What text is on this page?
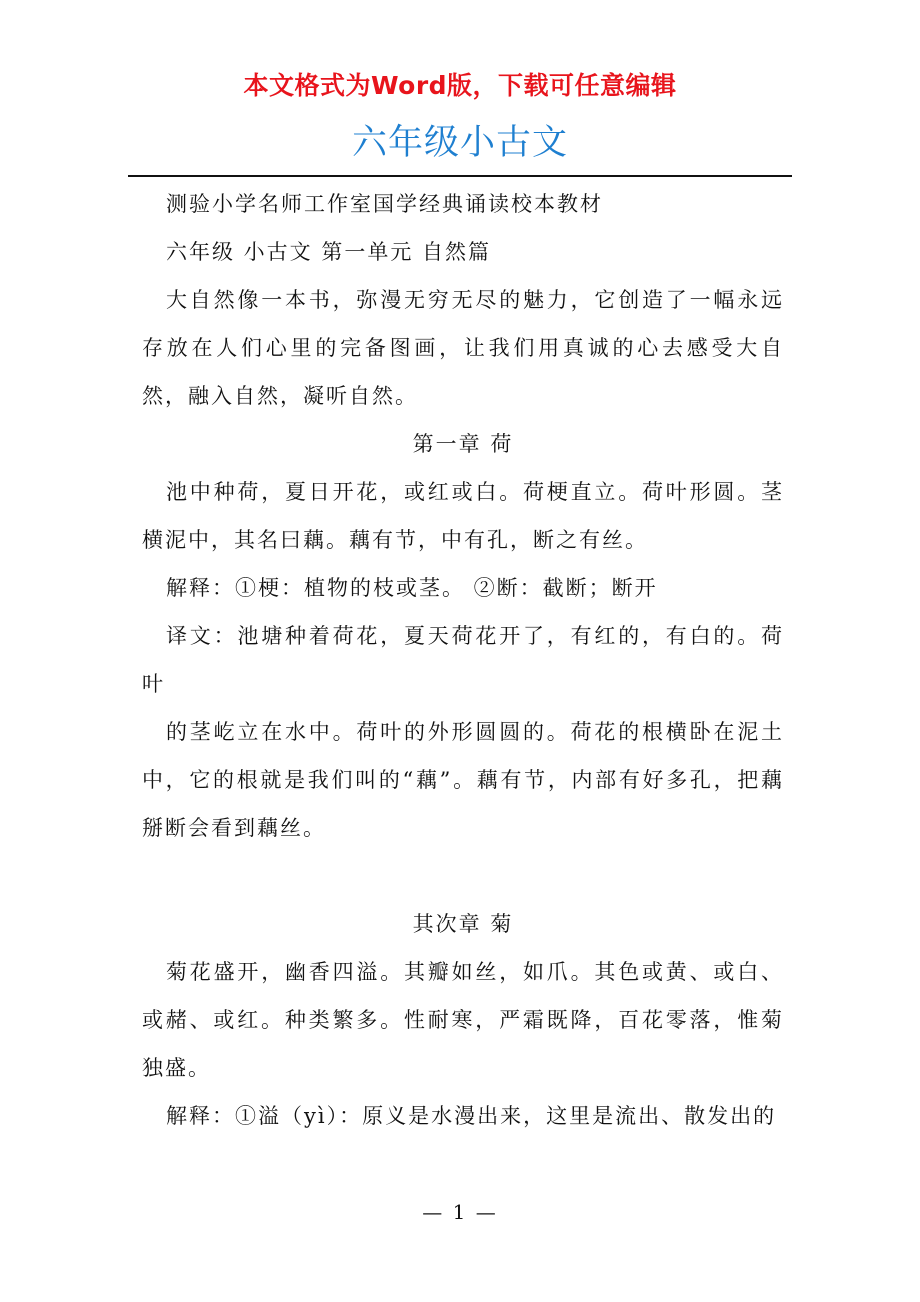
本文格式为Word版，下载可任意编辑
六年级小古文

测验小学名师工作室国学经典诵读校本教材

六年级 小古文 第一单元 自然篇

大自然像一本书，弥漫无穷无尽的魅力，它创造了一幅永远存放在人们心里的完备图画，让我们用真诚的心去感受大自然，融入自然，凝听自然。

第一章 荷

池中种荷，夏日开花，或红或白。荷梗直立。荷叶形圆。茎横泥中，其名曰藕。藕有节，中有孔，断之有丝。

解释：①梗：植物的枝或茎。 ②断：截断；断开

译文：池塘种着荷花，夏天荷花开了，有红的，有白的。荷叶

的茎屹立在水中。荷叶的外形圆圆的。荷花的根横卧在泥土中，它的根就是我们叫的“藕”。藕有节，内部有好多孔，把藕掰断会看到藕丝。

其次章 菊

菊花盛开，幽香四溢。其瓣如丝，如爪。其色或黄、或白、或赭、或红。种类繁多。性耐寒，严霜既降，百花零落，惟菊独盛。

解释：①溢（yì）：原义是水漫出来，这里是流出、散发出的

— 1 —
